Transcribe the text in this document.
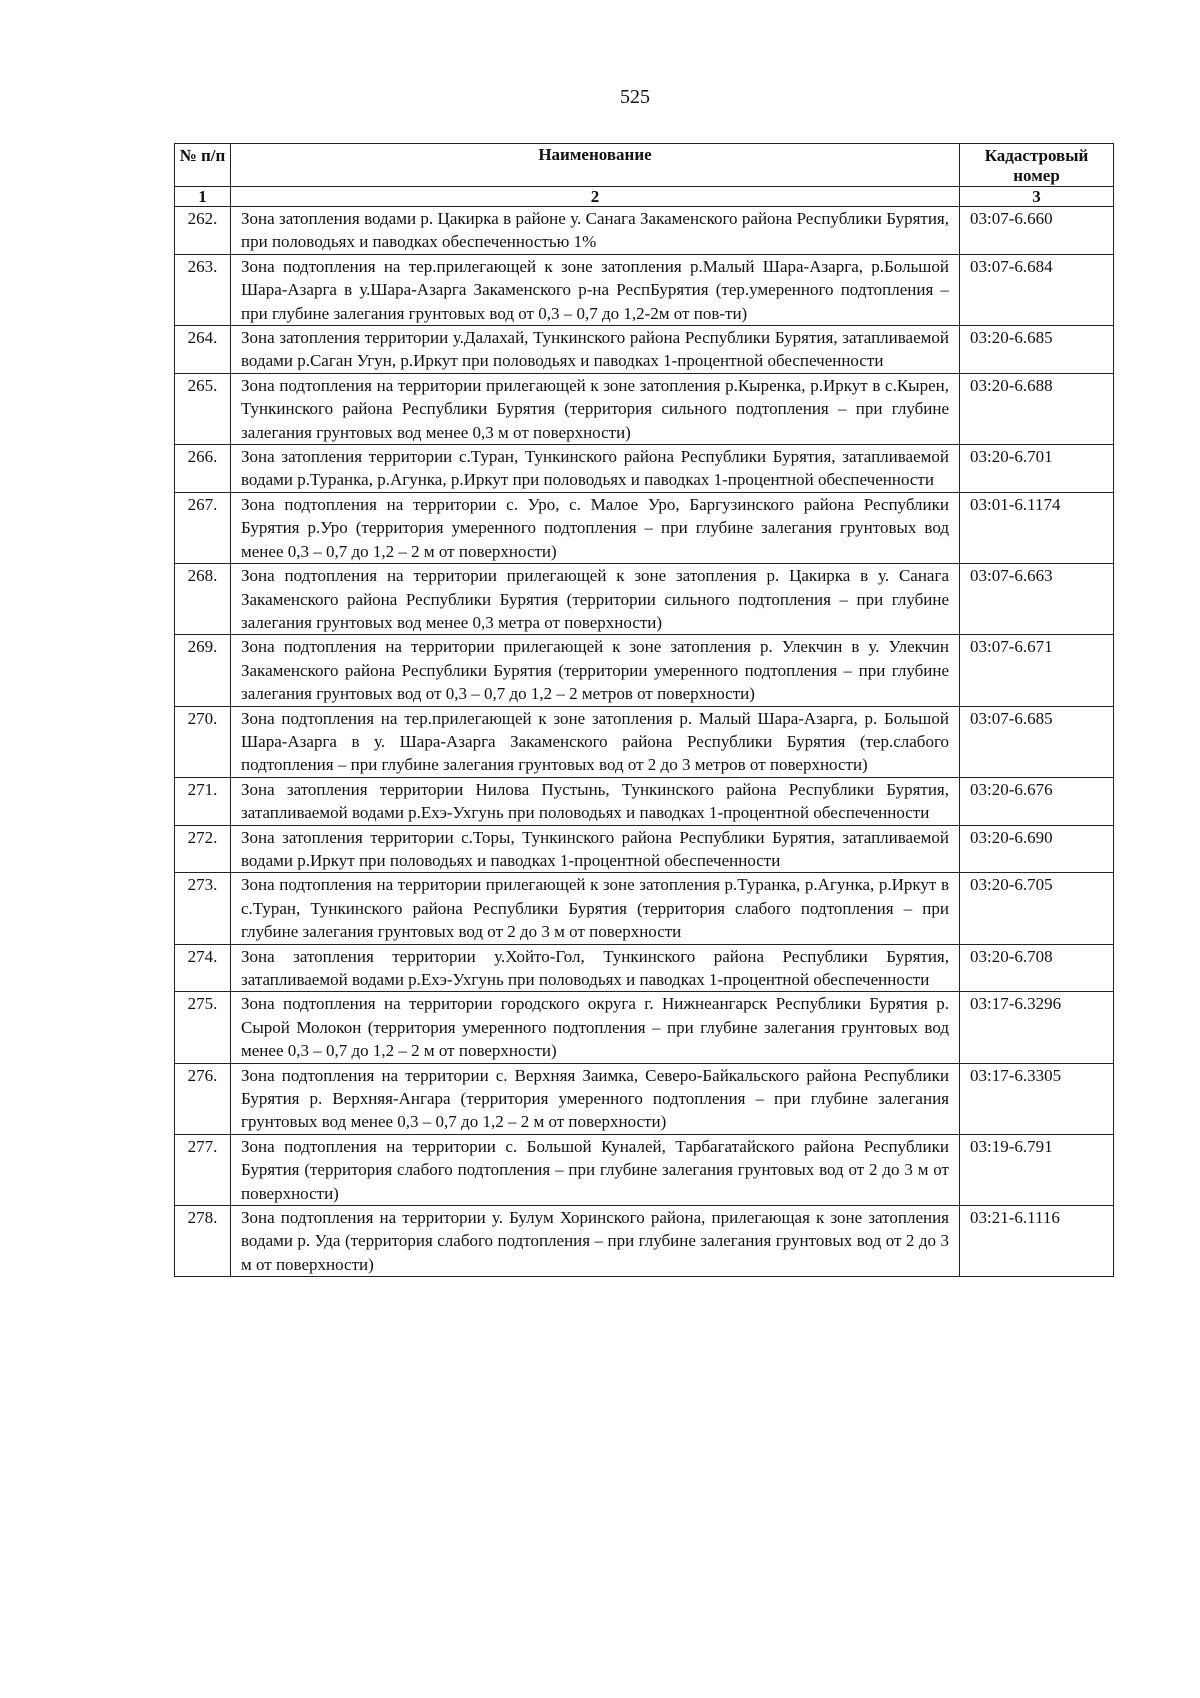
525
№ п/п	Наименование	Кадастровый номер
1	2	3
262.	Зона затопления водами р. Цакирка в районе у. Санага Закаменского района Республики Бурятия, при половодьях и паводках обеспеченностью 1%	03:07-6.660
263.	Зона подтопления на тер.прилегающей к зоне затопления р.Малый Шара-Азарга, р.Большой Шара-Азарга в у.Шара-Азарга Закаменского р-на РеспБурятия (тер.умеренного подтопления – при глубине залегания грунтовых вод от 0,3 – 0,7 до 1,2-2м от пов-ти)	03:07-6.684
264.	Зона затопления территории у.Далахай, Тункинского района Республики Бурятия, затапливаемой водами р.Саган Угун, р.Иркут при половодьях и паводках 1-процентной обеспеченности	03:20-6.685
265.	Зона подтопления на территории прилегающей к зоне затопления р.Кыренка, р.Иркут в с.Кырен, Тункинского района Республики Бурятия (территория сильного подтопления – при глубине залегания грунтовых вод менее 0,3 м от поверхности)	03:20-6.688
266.	Зона затопления территории с.Туран, Тункинского района Республики Бурятия, затапливаемой водами р.Туранка, р.Агунка, р.Иркут при половодьях и паводках 1-процентной обеспеченности	03:20-6.701
267.	Зона подтопления на территории с. Уро, с. Малое Уро, Баргузинского района Республики Бурятия р.Уро (территория умеренного подтопления – при глубине залегания грунтовых вод менее 0,3 – 0,7 до 1,2 – 2 м от поверхности)	03:01-6.1174
268.	Зона подтопления на территории прилегающей к зоне затопления р. Цакирка в у. Санага Закаменского района Республики Бурятия (территории сильного подтопления – при глубине залегания грунтовых вод менее 0,3 метра от поверхности)	03:07-6.663
269.	Зона подтопления на территории прилегающей к зоне затопления р. Улекчин в у. Улекчин Закаменского района Республики Бурятия (территории умеренного подтопления – при глубине залегания грунтовых вод от 0,3 – 0,7 до 1,2 – 2 метров от поверхности)	03:07-6.671
270.	Зона подтопления на тер.прилегающей к зоне затопления р. Малый Шара-Азарга, р. Большой Шара-Азарга в у. Шара-Азарга Закаменского района Республики Бурятия (тер.слабого подтопления – при глубине залегания грунтовых вод от 2 до 3 метров от поверхности)	03:07-6.685
271.	Зона затопления территории Нилова Пустынь, Тункинского района Республики Бурятия, затапливаемой водами р.Ехэ-Ухгунь при половодьях и паводках 1-процентной обеспеченности	03:20-6.676
272.	Зона затопления территории с.Торы, Тункинского района Республики Бурятия, затапливаемой водами р.Иркут при половодьях и паводках 1-процентной обеспеченности	03:20-6.690
273.	Зона подтопления на территории прилегающей к зоне затопления р.Туранка, р.Агунка, р.Иркут в с.Туран, Тункинского района Республики Бурятия (территория слабого подтопления – при глубине залегания грунтовых вод от 2 до 3 м от поверхности	03:20-6.705
274.	Зона затопления территории у.Хойто-Гол, Тункинского района Республики Бурятия, затапливаемой водами р.Ехэ-Ухгунь при половодьях и паводках 1-процентной обеспеченности	03:20-6.708
275.	Зона подтопления на территории городского округа г. Нижнеангарск Республики Бурятия р. Сырой Молокон (территория умеренного подтопления – при глубине залегания грунтовых вод менее 0,3 – 0,7 до 1,2 – 2 м от поверхности)	03:17-6.3296
276.	Зона подтопления на территории с. Верхняя Заимка, Северо-Байкальского района Республики Бурятия р. Верхняя-Ангара (территория умеренного подтопления – при глубине залегания грунтовых вод менее 0,3 – 0,7 до 1,2 – 2 м от поверхности)	03:17-6.3305
277.	Зона подтопления на территории с. Большой Куналей, Тарбагатайского района Республики Бурятия (территория слабого подтопления – при глубине залегания грунтовых вод от 2 до 3 м от поверхности)	03:19-6.791
278.	Зона подтопления на территории у. Булум Хоринского района, прилегающая к зоне затопления водами р. Уда (территория слабого подтопления – при глубине залегания грунтовых вод от 2 до 3 м от поверхности)	03:21-6.1116
